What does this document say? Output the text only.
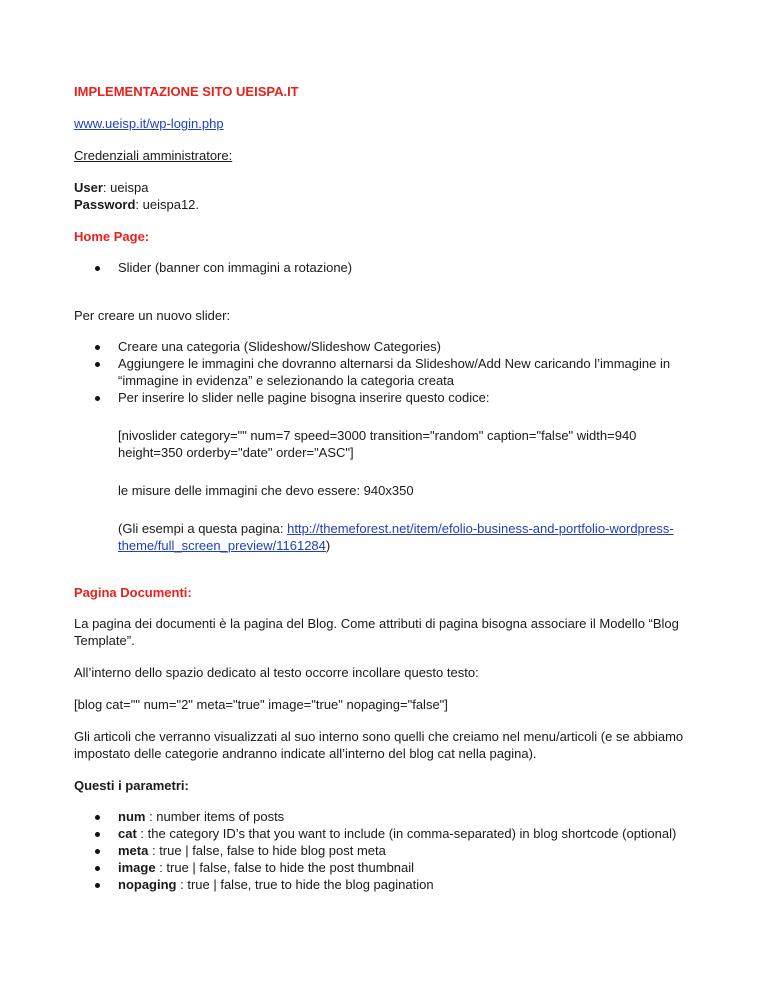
IMPLEMENTAZIONE SITO UEISPA.IT
www.ueisp.it/wp-login.php
Credenziali amministratore:
User: ueispa
Password: ueispa12.
Home Page:
Slider (banner con immagini a rotazione)
Per creare un nuovo slider:
Creare una categoria (Slideshow/Slideshow Categories)
Aggiungere le immagini che dovranno alternarsi da Slideshow/Add New caricando l’immagine in
“immagine in evidenza” e selezionando la categoria creata
Per inserire lo slider nelle pagine bisogna inserire questo codice:
[nivoslider category="" num=7 speed=3000 transition="random" caption="false" width=940
height=350 orderby="date" order="ASC"]
le misure delle immagini che devo essere: 940x350
(Gli esempi a questa pagina: http://themeforest.net/item/efolio-business-and-portfolio-wordpress-
theme/full_screen_preview/1161284)
Pagina Documenti:
La pagina dei documenti è la pagina del Blog. Come attributi di pagina bisogna associare il Modello “Blog
Template”.
All’interno dello spazio dedicato al testo occorre incollare questo testo:
[blog cat="" num="2" meta="true" image="true" nopaging="false"]
Gli articoli che verranno visualizzati al suo interno sono quelli che creiamo nel menu/articoli (e se abbiamo
impostato delle categorie andranno indicate all’interno del blog cat nella pagina).
Questi i parametri:
num : number items of posts
cat : the category ID’s that you want to include (in comma-separated) in blog shortcode (optional)
meta : true | false, false to hide blog post meta
image : true | false, false to hide the post thumbnail
nopaging : true | false, true to hide the blog pagination
